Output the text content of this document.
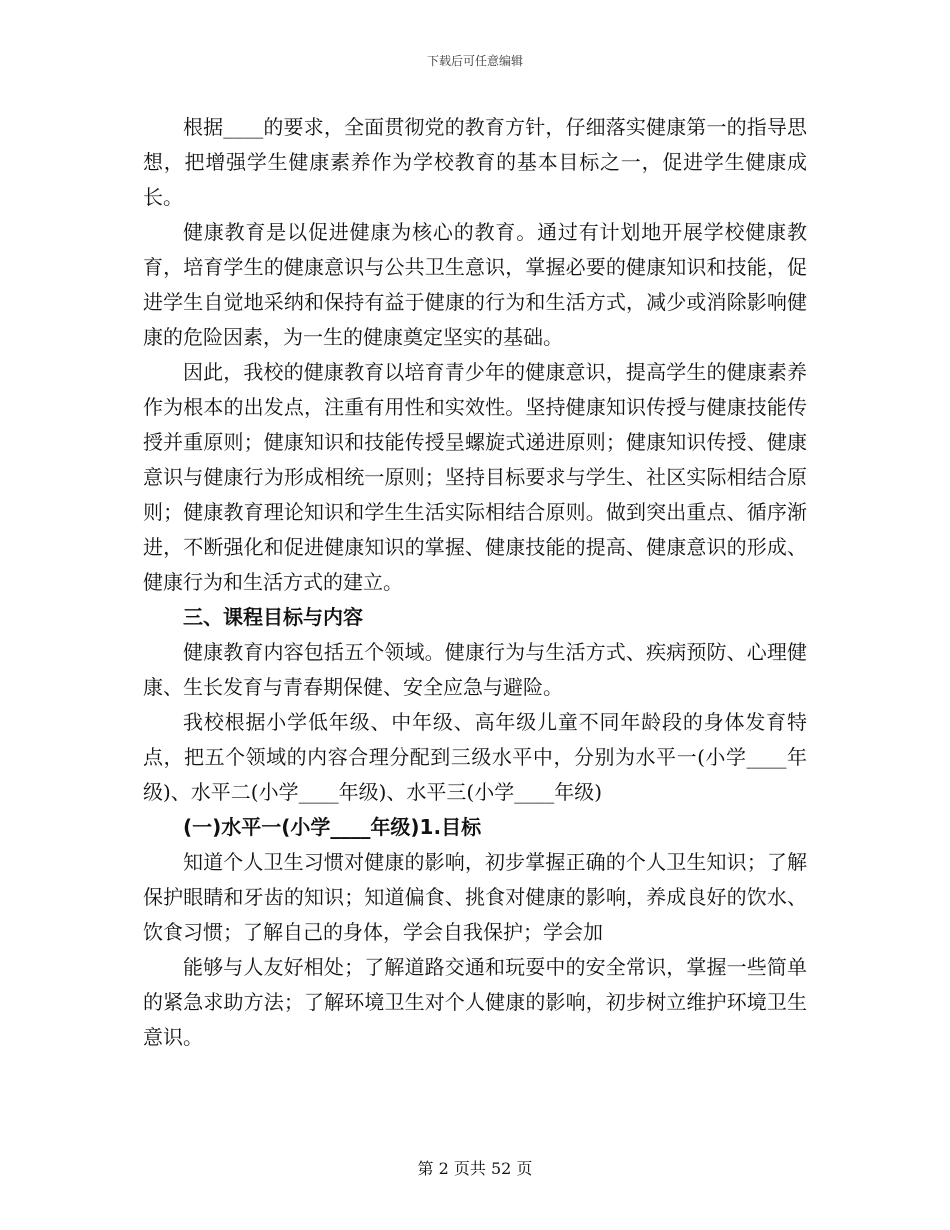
下载后可任意编辑

根据____的要求，全面贯彻党的教育方针，仔细落实健康第一的指导思想，把增强学生健康素养作为学校教育的基本目标之一，促进学生健康成长。

健康教育是以促进健康为核心的教育。通过有计划地开展学校健康教育，培育学生的健康意识与公共卫生意识，掌握必要的健康知识和技能，促进学生自觉地采纳和保持有益于健康的行为和生活方式，减少或消除影响健康的危险因素，为一生的健康奠定坚实的基础。

因此，我校的健康教育以培育青少年的健康意识，提高学生的健康素养作为根本的出发点，注重有用性和实效性。坚持健康知识传授与健康技能传授并重原则；健康知识和技能传授呈螺旋式递进原则；健康知识传授、健康意识与健康行为形成相统一原则；坚持目标要求与学生、社区实际相结合原则；健康教育理论知识和学生生活实际相结合原则。做到突出重点、循序渐进，不断强化和促进健康知识的掌握、健康技能的提高、健康意识的形成、健康行为和生活方式的建立。

三、课程目标与内容

健康教育内容包括五个领域。健康行为与生活方式、疾病预防、心理健康、生长发育与青春期保健、安全应急与避险。

我校根据小学低年级、中年级、高年级儿童不同年龄段的身体发育特点，把五个领域的内容合理分配到三级水平中，分别为水平一(小学____年级)、水平二(小学____年级)、水平三(小学____年级)

(一)水平一(小学____年级)1.目标

知道个人卫生习惯对健康的影响，初步掌握正确的个人卫生知识；了解保护眼睛和牙齿的知识；知道偏食、挑食对健康的影响，养成良好的饮水、饮食习惯；了解自己的身体，学会自我保护；学会加

能够与人友好相处；了解道路交通和玩耍中的安全常识，掌握一些简单的紧急求助方法；了解环境卫生对个人健康的影响，初步树立维护环境卫生意识。

第 2 页共 52 页
